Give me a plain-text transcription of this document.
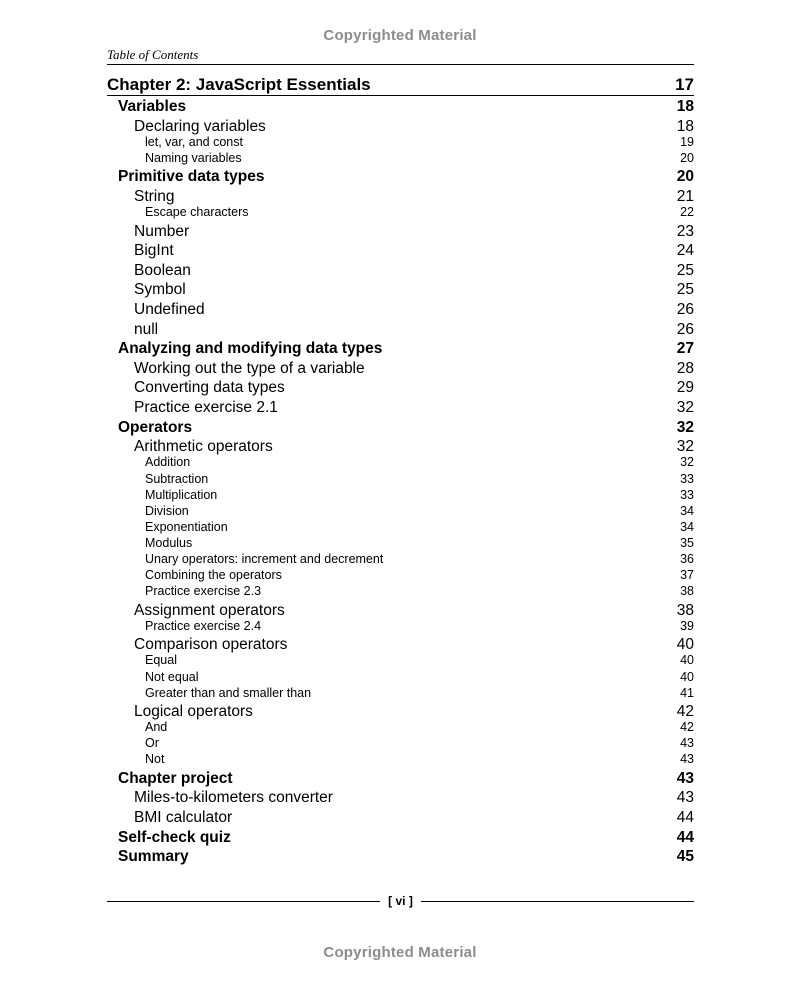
Copyrighted Material
Table of Contents
Chapter 2: JavaScript Essentials	17
Variables	18
Declaring variables	18
let, var, and const	19
Naming variables	20
Primitive data types	20
String	21
Escape characters	22
Number	23
BigInt	24
Boolean	25
Symbol	25
Undefined	26
null	26
Analyzing and modifying data types	27
Working out the type of a variable	28
Converting data types	29
Practice exercise 2.1	32
Operators	32
Arithmetic operators	32
Addition	32
Subtraction	33
Multiplication	33
Division	34
Exponentiation	34
Modulus	35
Unary operators: increment and decrement	36
Combining the operators	37
Practice exercise 2.3	38
Assignment operators	38
Practice exercise 2.4	39
Comparison operators	40
Equal	40
Not equal	40
Greater than and smaller than	41
Logical operators	42
And	42
Or	43
Not	43
Chapter project	43
Miles-to-kilometers converter	43
BMI calculator	44
Self-check quiz	44
Summary	45
[ vi ]
Copyrighted Material
